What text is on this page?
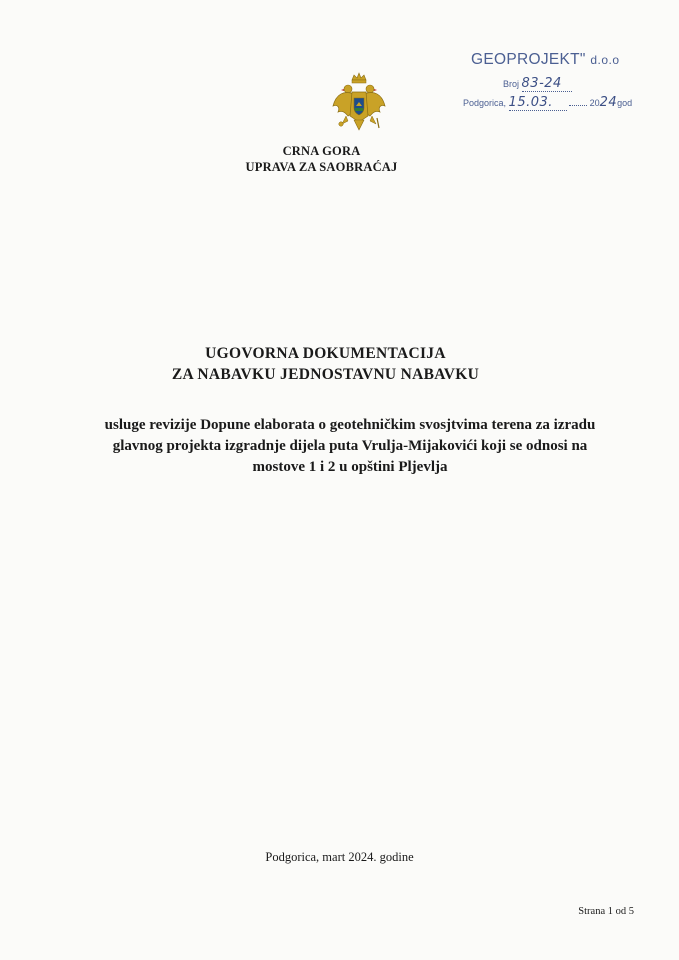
GEOPROJEKT" d.o.o
Broj 83-24
Podgorica, 15.03.	2024god
CRNA GORA
UPRAVA ZA SAOBRAĆAJ
UGOVORNA DOKUMENTACIJA
ZA NABAVKU JEDNOSTAVNU NABAVKU
usluge revizije Dopune elaborata o geotehničkim svosjtvima terena za izradu glavnog projekta izgradnje dijela puta Vrulja-Mijakovići koji se odnosi na mostove 1 i 2 u opštini Pljevlja
Podgorica, mart 2024. godine
Strana 1 od 5
